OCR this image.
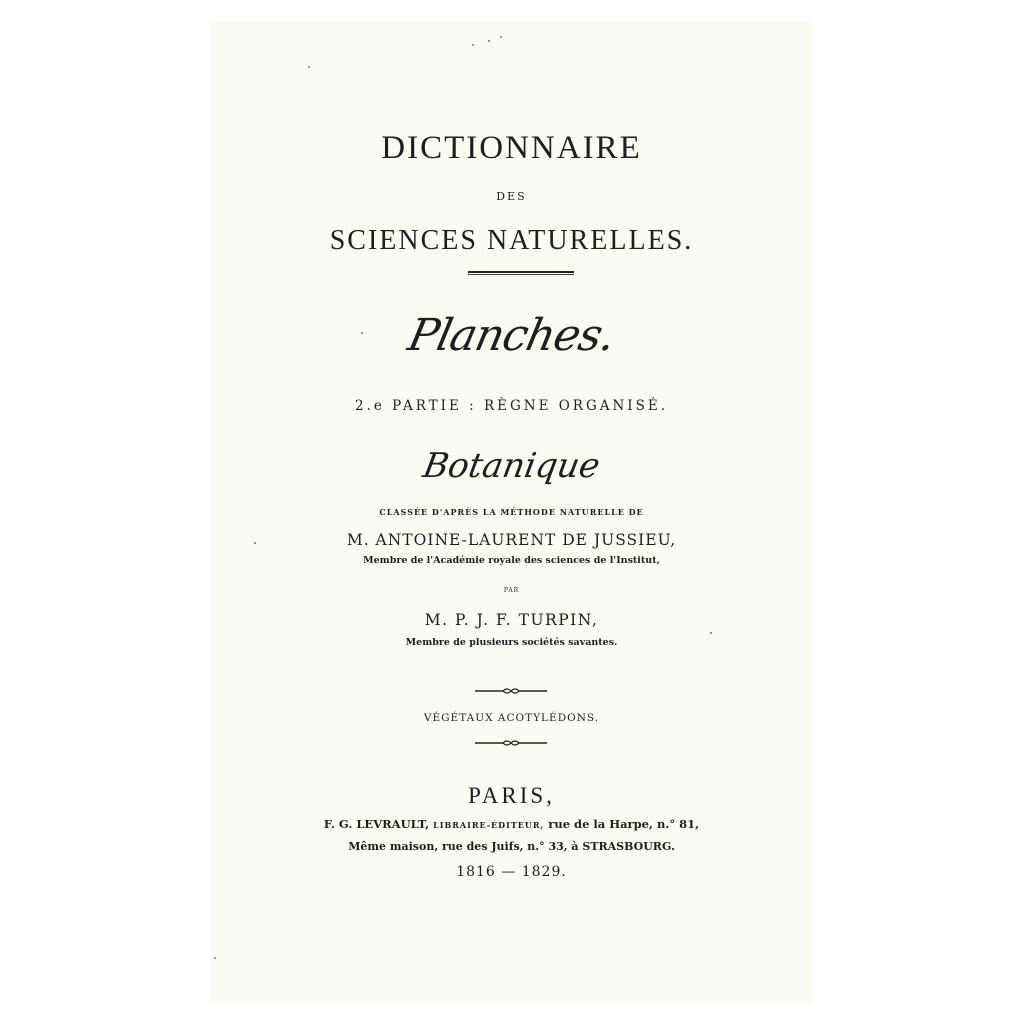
DICTIONNAIRE
DES
SCIENCES NATURELLES.
Planches.
2.e PARTIE : RÈGNE ORGANISÉ.
Botanique
CLASSÉE D'APRÈS LA MÉTHODE NATURELLE DE
M. ANTOINE-LAURENT DE JUSSIEU,
Membre de l'Académie royale des sciences de l'Institut,
PAR
M. P. J. F. TURPIN,
Membre de plusieurs sociétés savantes.
VÉGÉTAUX ACOTYLÉDONS.
PARIS,
F. G. LEVRAULT, LIBRAIRE-ÉDITEUR, rue de la Harpe, n.° 81,
Même maison, rue des Juifs, n.° 33, à STRASBOURG.
1816 — 1829.
